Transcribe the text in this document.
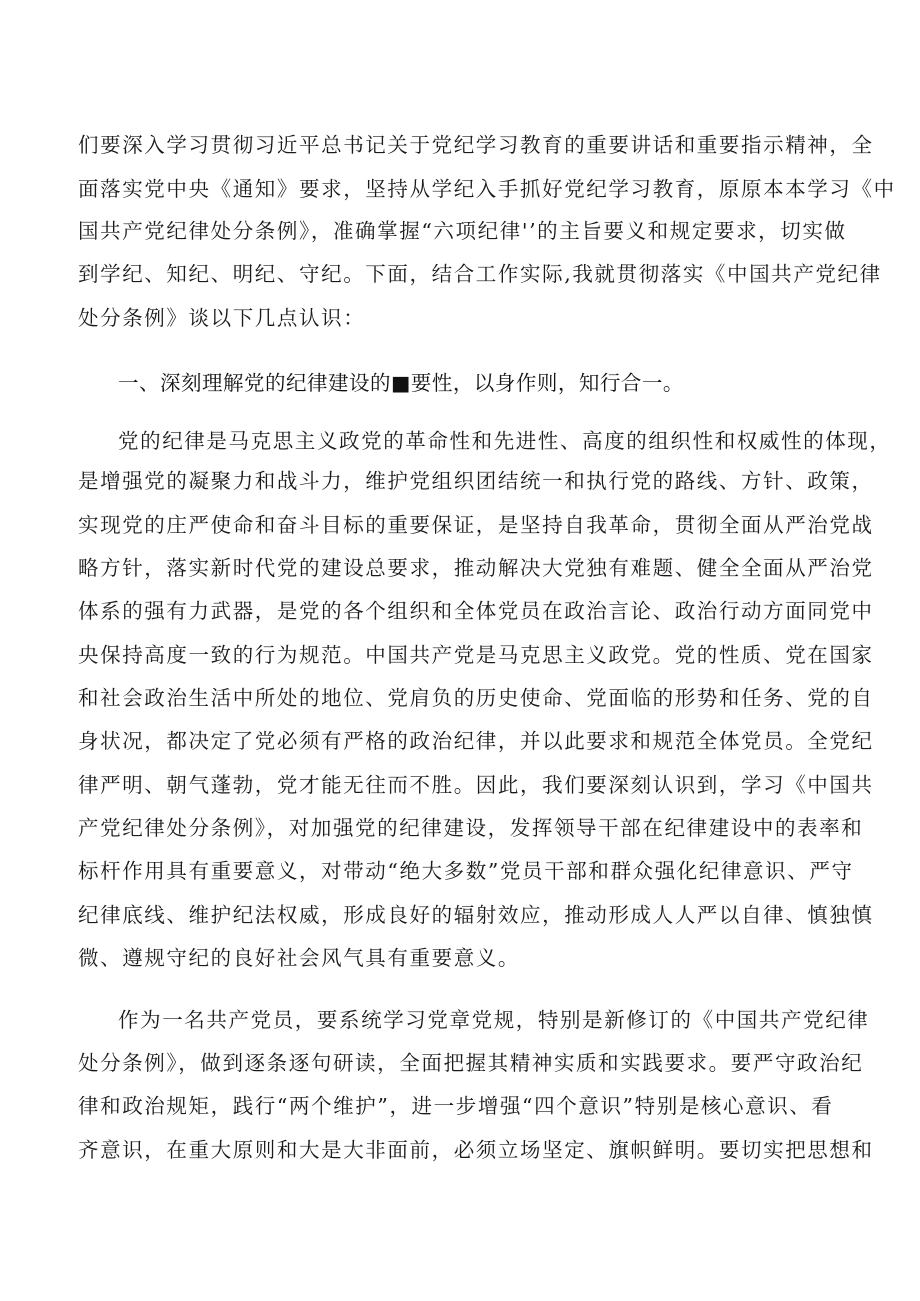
们要深入学习贯彻习近平总书记关于党纪学习教育的重要讲话和重要指示精神，全
面落实党中央《通知》要求，坚持从学纪入手抓好党纪学习教育，原原本本学习《中
国共产党纪律处分条例》，准确掌握“六项纪律'’的主旨要义和规定要求，切实做
到学纪、知纪、明纪、守纪。下面，结合工作实际,我就贯彻落实《中国共产党纪律
处分条例》谈以下几点认识：
一、深刻理解党的纪律建设的■要性，以身作则，知行合一。
党的纪律是马克思主义政党的革命性和先进性、高度的组织性和权威性的体现，
是增强党的凝聚力和战斗力，维护党组织团结统一和执行党的路线、方针、政策，
实现党的庄严使命和奋斗目标的重要保证，是坚持自我革命，贯彻全面从严治党战
略方针，落实新时代党的建设总要求，推动解决大党独有难题、健全全面从严治党
体系的强有力武器，是党的各个组织和全体党员在政治言论、政治行动方面同党中
央保持高度一致的行为规范。中国共产党是马克思主义政党。党的性质、党在国家
和社会政治生活中所处的地位、党肩负的历史使命、党面临的形势和任务、党的自
身状况，都决定了党必须有严格的政治纪律，并以此要求和规范全体党员。全党纪
律严明、朝气蓬勃，党才能无往而不胜。因此，我们要深刻认识到，学习《中国共
产党纪律处分条例》，对加强党的纪律建设，发挥领导干部在纪律建设中的表率和
标杆作用具有重要意义，对带动“绝大多数”党员干部和群众强化纪律意识、严守
纪律底线、维护纪法权威，形成良好的辐射效应，推动形成人人严以自律、慎独慎
微、遵规守纪的良好社会风气具有重要意义。
作为一名共产党员，要系统学习党章党规，特别是新修订的《中国共产党纪律
处分条例》，做到逐条逐句研读，全面把握其精神实质和实践要求。要严守政治纪
律和政治规矩，践行“两个维护”，进一步增强“四个意识”特别是核心意识、看
齐意识，在重大原则和大是大非面前，必须立场坚定、旗帜鲜明。要切实把思想和
